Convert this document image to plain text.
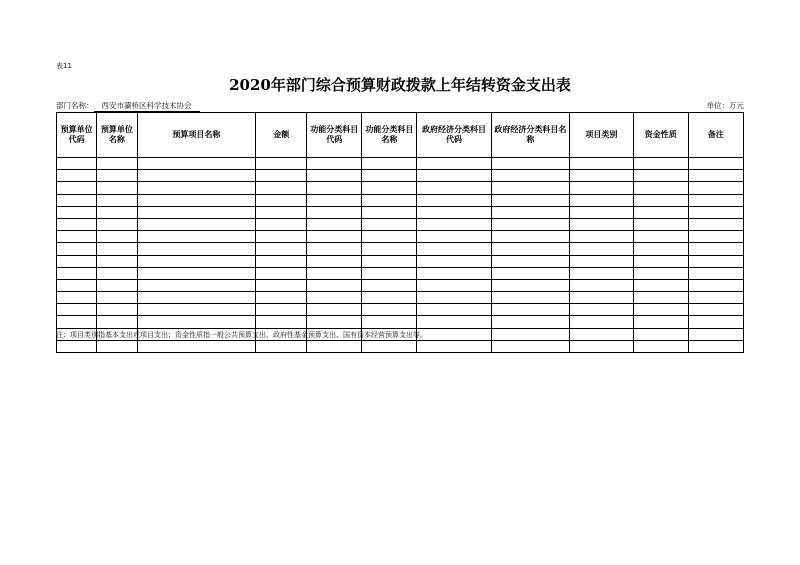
表11
2020年部门综合预算财政拨款上年结转资金支出表
单位：万元
部门名称： 西安市灞桥区科学技术协会
预算单位代码	预算单位名称	预算项目名称	金额	功能分类科目代码	功能分类科目名称	政府经济分类科目代码	政府经济分类科目名称	项目类别	资金性质	备注

注：项目类别指基本支出或项目支出；资金性质指一般公共预算支出、政府性基金预算支出、国有资本经营预算支出等。
